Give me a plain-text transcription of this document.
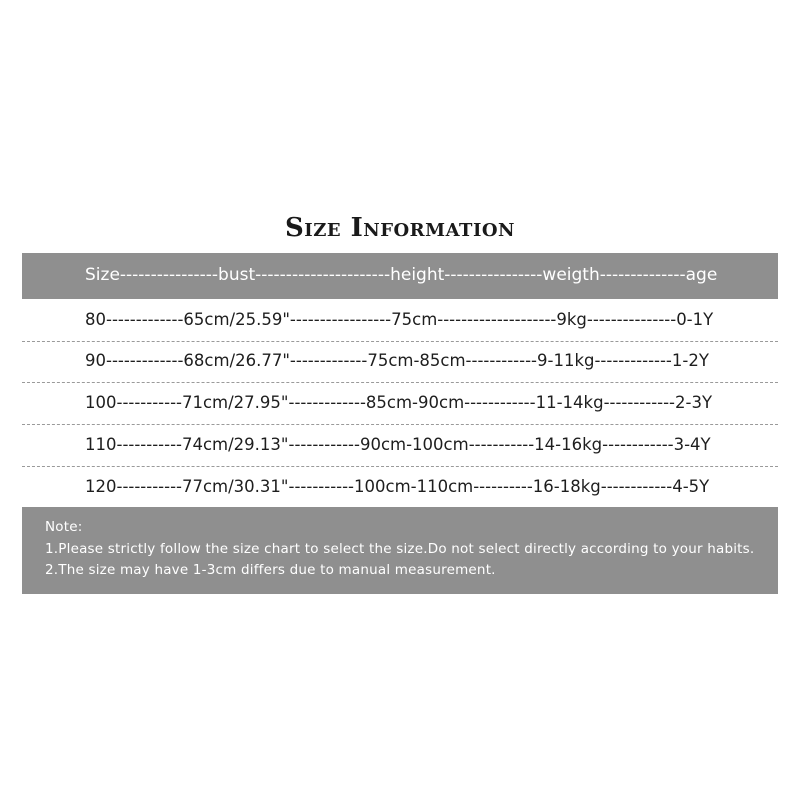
Size Information
Size----------------bust----------------------height----------------weigth--------------age
80-------------65cm/25.59"-----------------75cm--------------------9kg---------------0-1Y
90-------------68cm/26.77"-------------75cm-85cm------------9-11kg-------------1-2Y
100-----------71cm/27.95"-------------85cm-90cm------------11-14kg------------2-3Y
110-----------74cm/29.13"------------90cm-100cm-----------14-16kg------------3-4Y
120-----------77cm/30.31"-----------100cm-110cm----------16-18kg------------4-5Y
Note:
1.Please strictly follow the size chart to select the size.Do not select directly according to your habits.
2.The size may have 1-3cm differs due to manual measurement.
